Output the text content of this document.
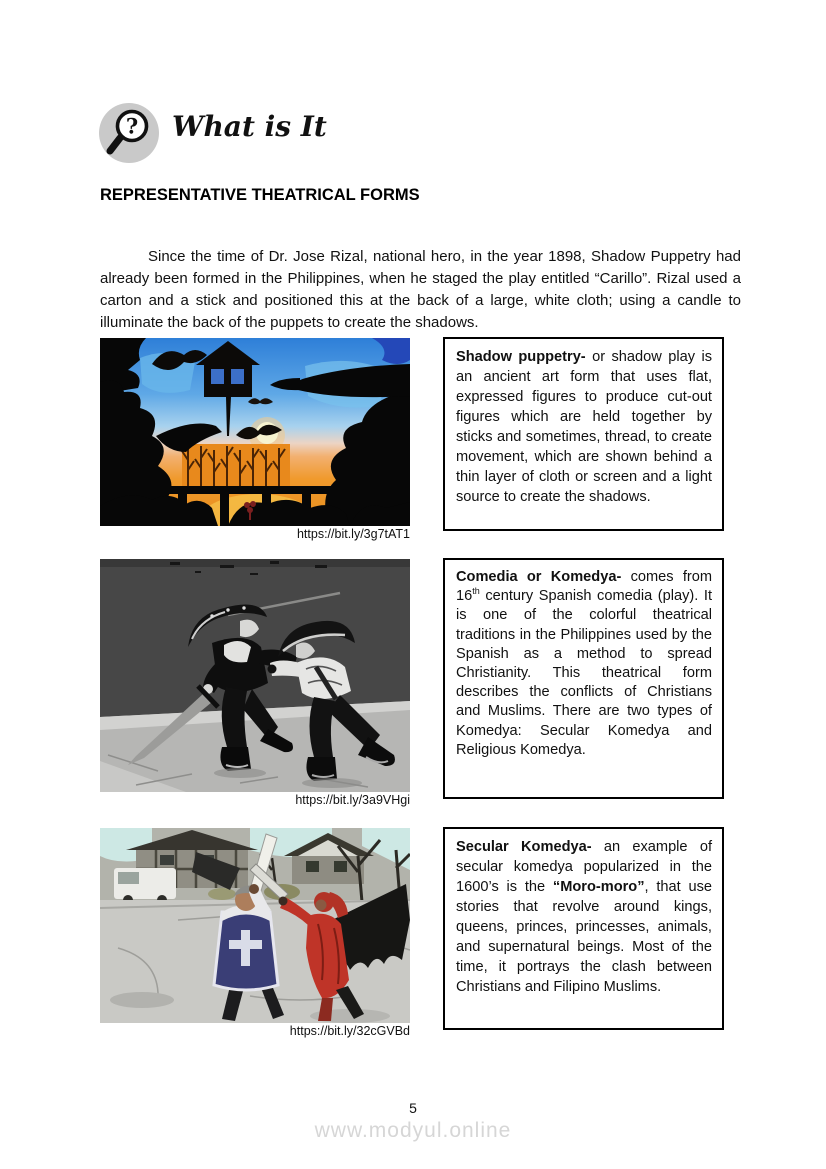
? What is It
REPRESENTATIVE THEATRICAL FORMS

Since the time of Dr. Jose Rizal, national hero, in the year 1898, Shadow Puppetry had already been formed in the Philippines, when he staged the play entitled “Carillo”. Rizal used a carton and a stick and positioned this at the back of a large, white cloth; using a candle to illuminate the back of the puppets to create the shadows.

https://bit.ly/3g7tAT1
Shadow puppetry- or shadow play is an ancient art form that uses flat, expressed figures to produce cut-out figures which are held together by sticks and sometimes, thread, to create movement, which are shown behind a thin layer of cloth or screen and a light source to create the shadows.
https://bit.ly/3a9VHgi
Comedia or Komedya- comes from 16th century Spanish comedia (play). It is one of the colorful theatrical traditions in the Philippines used by the Spanish as a method to spread Christianity. This theatrical form describes the conflicts of Christians and Muslims. There are two types of Komedya: Secular Komedya and Religious Komedya.
https://bit.ly/32cGVBd
Secular Komedya- an example of secular komedya popularized in the 1600’s is the “Moro-moro”, that use stories that revolve around kings, queens, princes, princesses, animals, and supernatural beings. Most of the time, it portrays the clash between Christians and Filipino Muslims.
5
www.modyul.online
